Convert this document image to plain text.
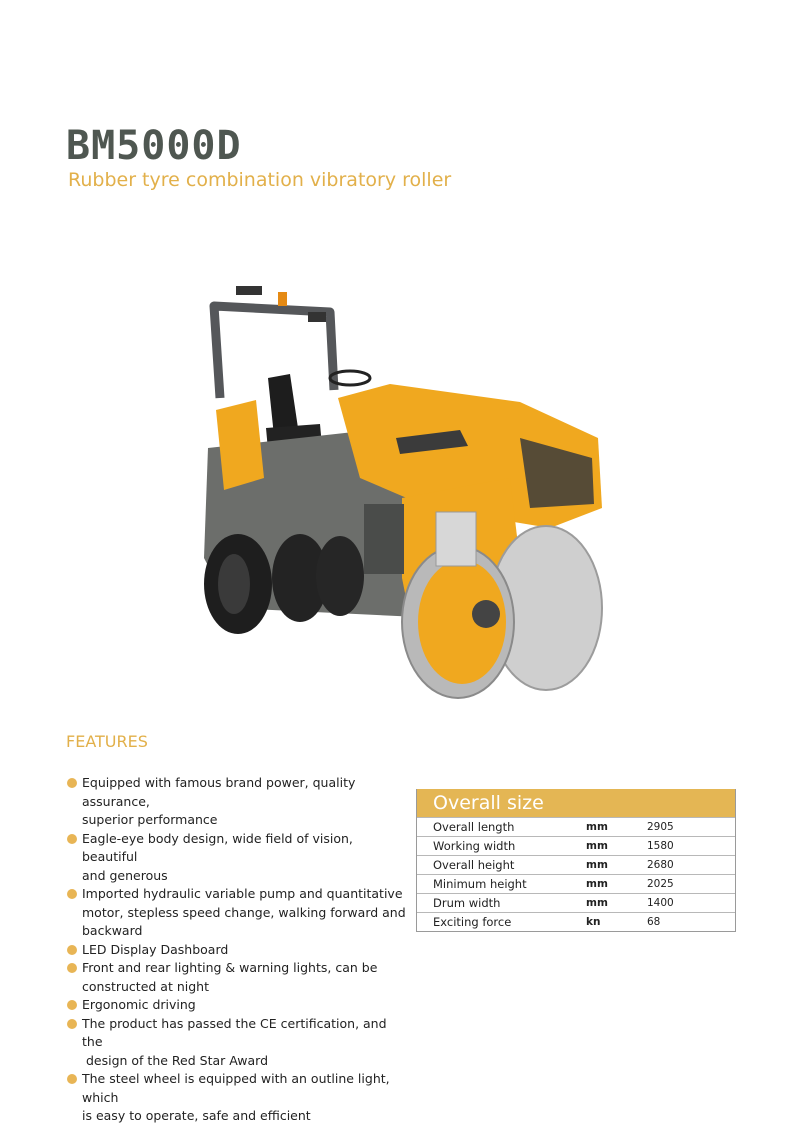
BM5000D
Rubber tyre combination vibratory roller
FEATURES
Equipped with famous brand power, quality assurance,
superior performance
Eagle-eye body design, wide field of vision, beautiful
and generous
Imported hydraulic variable pump and quantitative
motor, stepless speed change, walking forward and
backward
LED Display Dashboard
Front and rear lighting & warning lights, can be
constructed at night
Ergonomic driving
The product has passed the CE certification, and the
design of the Red Star Award
The steel wheel is equipped with an outline light, which
is easy to operate, safe and efficient
Overall size
Overall length	mm	2905
Working width	mm	1580
Overall height	mm	2680
Minimum height	mm	2025
Drum width	mm	1400
Exciting force	kn	68
